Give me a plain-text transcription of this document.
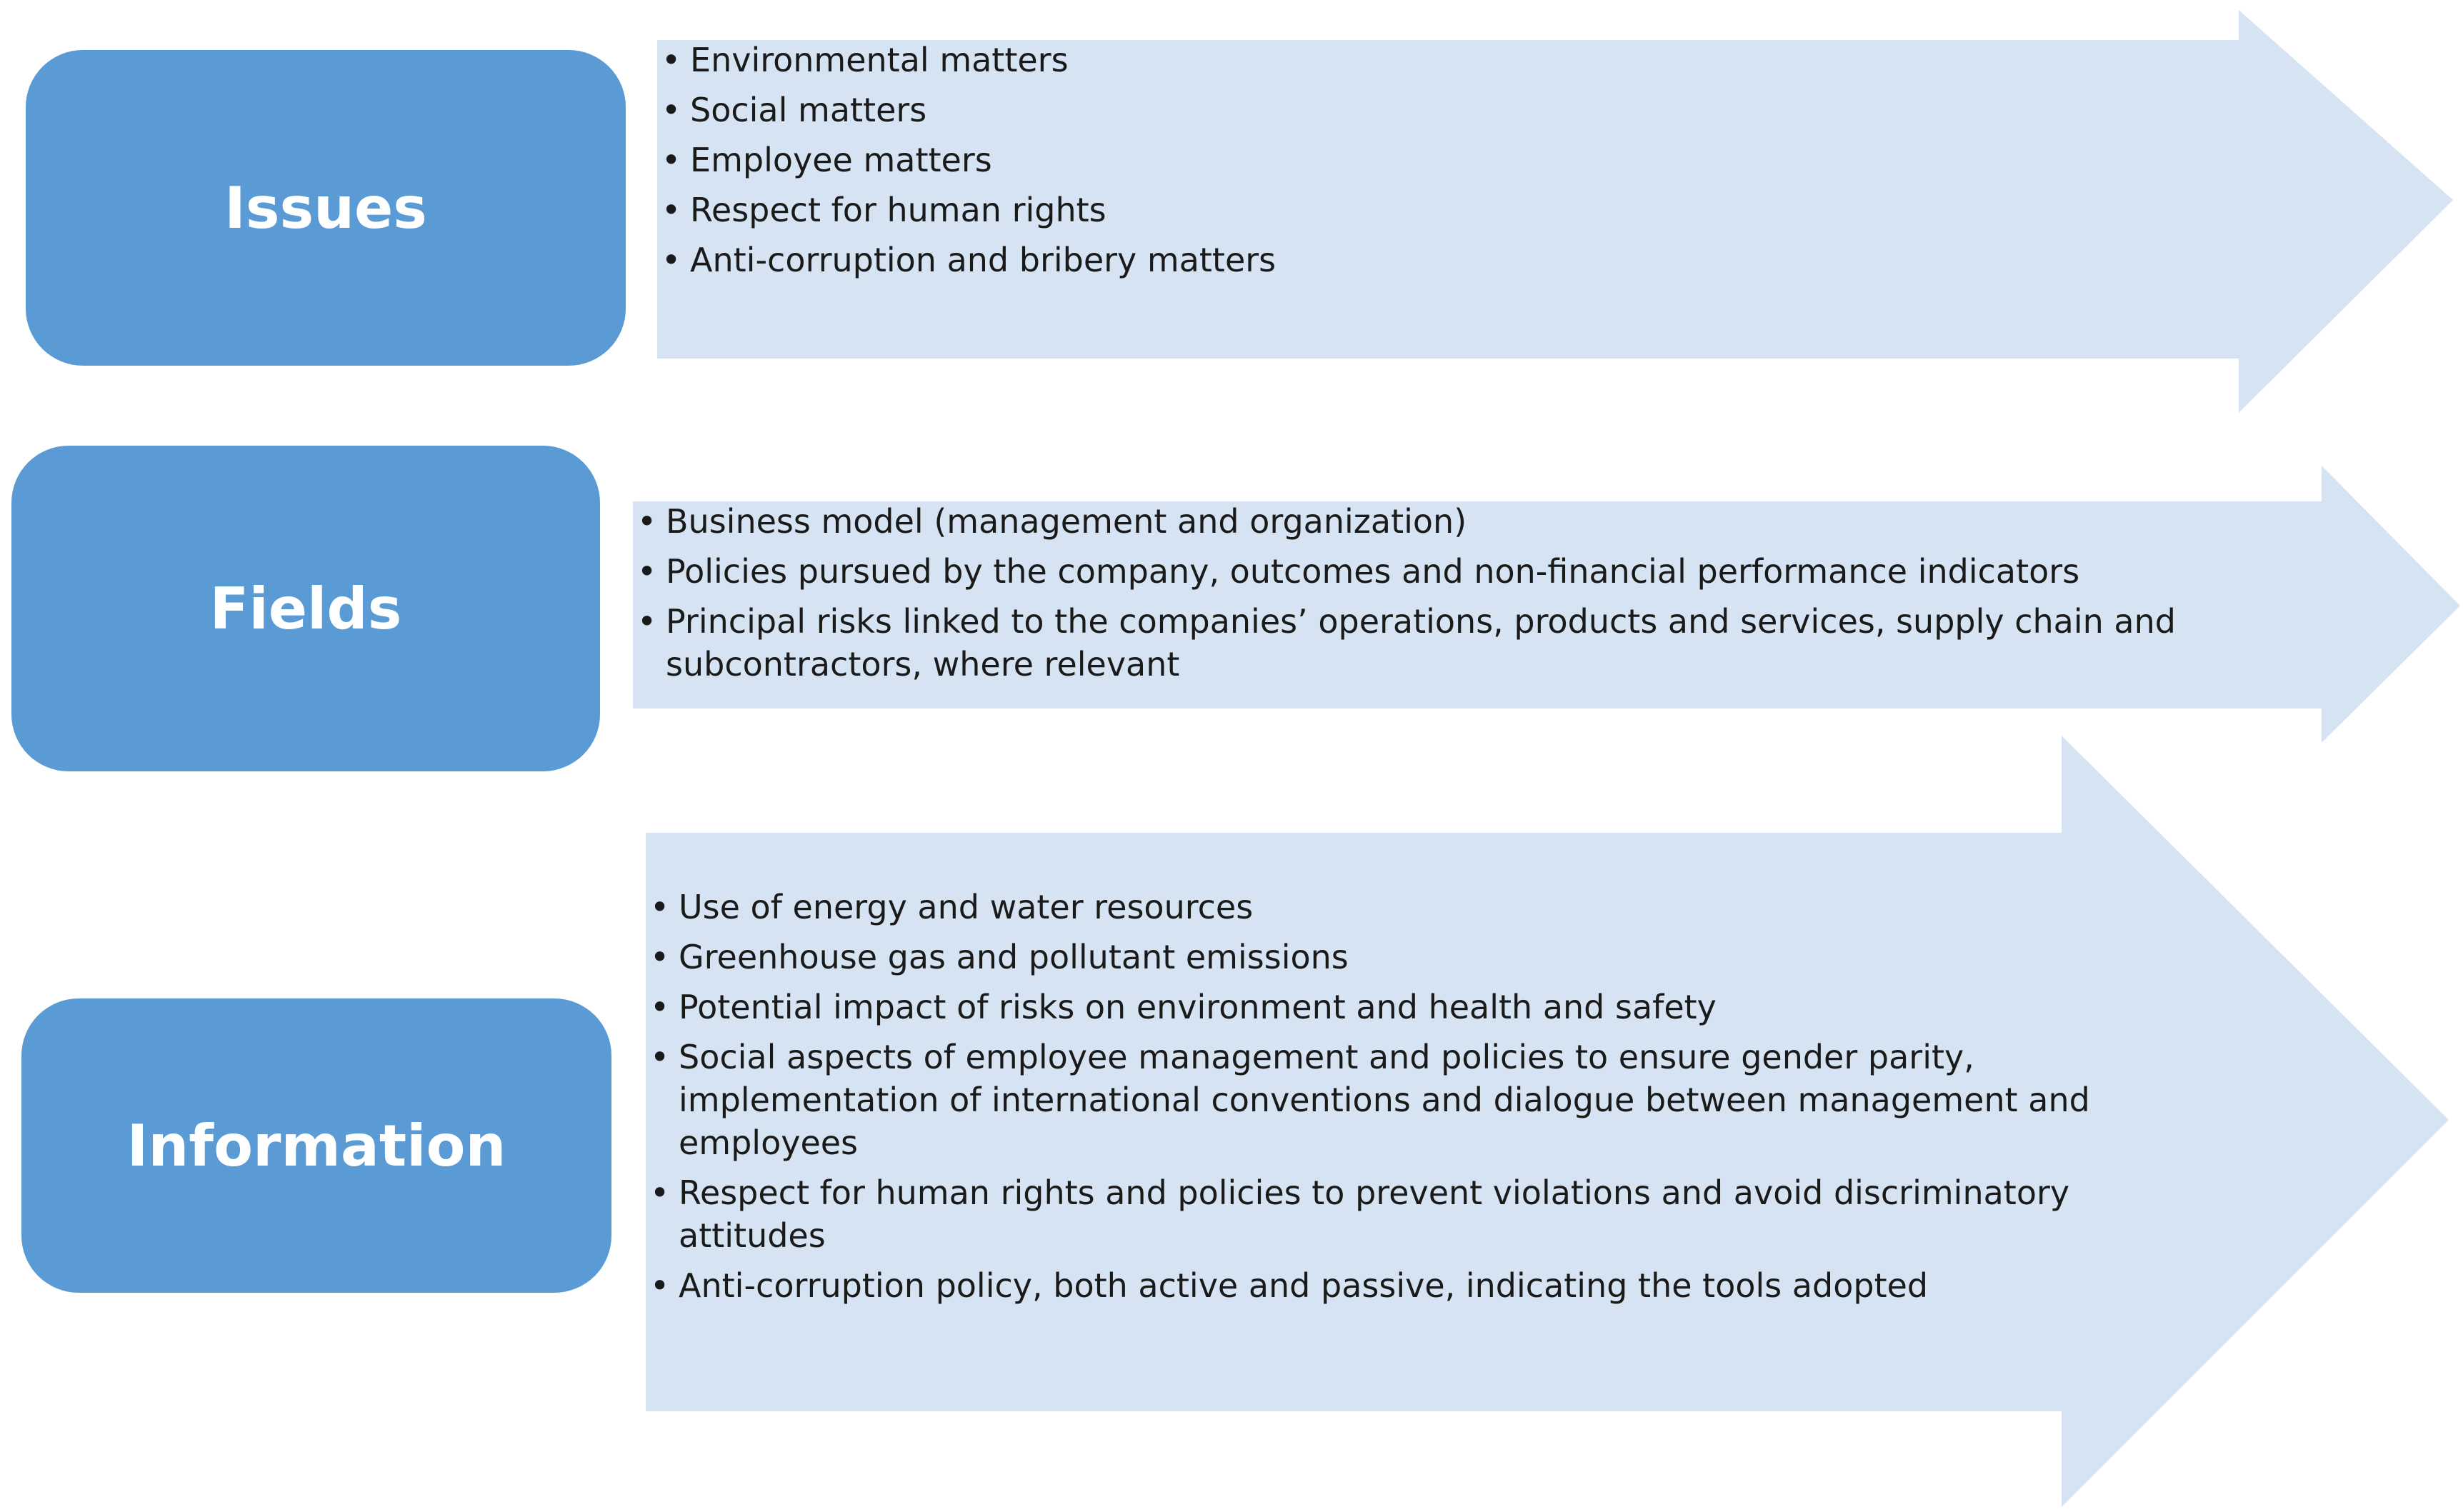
Issues
• Environmental matters
• Social matters
• Employee matters
• Respect for human rights
• Anti-corruption and bribery matters
Fields
• Business model (management and organization)
• Policies pursued by the company, outcomes and non-financial performance indicators
• Principal risks linked to the companies’ operations, products and services, supply chain and subcontractors, where relevant
Information
• Use of energy and water resources
• Greenhouse gas and pollutant emissions
• Potential impact of risks on environment and health and safety
• Social aspects of employee management and policies to ensure gender parity, implementation of international conventions and dialogue between management and employees
• Respect for human rights and policies to prevent violations and avoid discriminatory attitudes
• Anti-corruption policy, both active and passive, indicating the tools adopted
